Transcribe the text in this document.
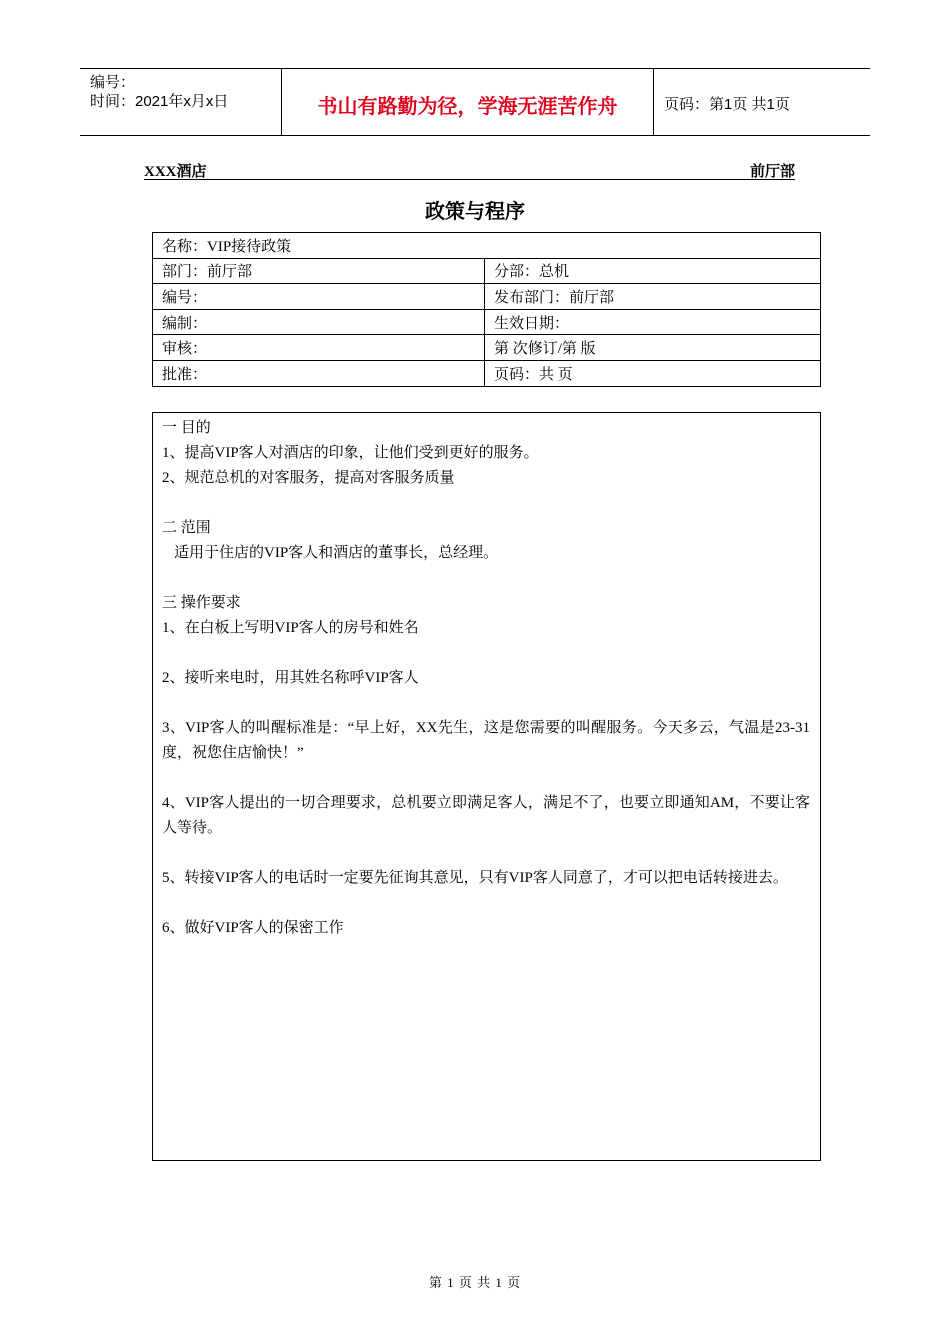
编号：
时间：2021年x月x日	书山有路勤为径，学海无涯苦作舟	页码：第1页 共1页
XXX酒店	前厅部
政策与程序
名称：VIP接待政策	
部门：前厅部	分部：总机
编号：	发布部门：前厅部
编制：	生效日期：
审核：	第 次修订/第 版
批准：	页码：共 页

一 目的

1、提高VIP客人对酒店的印象，让他们受到更好的服务。

2、规范总机的对客服务，提高对客服务质量

二 范围

适用于住店的VIP客人和酒店的董事长，总经理。

三 操作要求

1、在白板上写明VIP客人的房号和姓名

2、接听来电时，用其姓名称呼VIP客人

3、VIP客人的叫醒标准是：“早上好，XX先生，这是您需要的叫醒服务。今天多云，气温是23-31度，祝您住店愉快！”

4、VIP客人提出的一切合理要求，总机要立即满足客人，满足不了，也要立即通知AM，不要让客人等待。

5、转接VIP客人的电话时一定要先征询其意见，只有VIP客人同意了，才可以把电话转接进去。

6、做好VIP客人的保密工作

第 1 页 共 1 页
